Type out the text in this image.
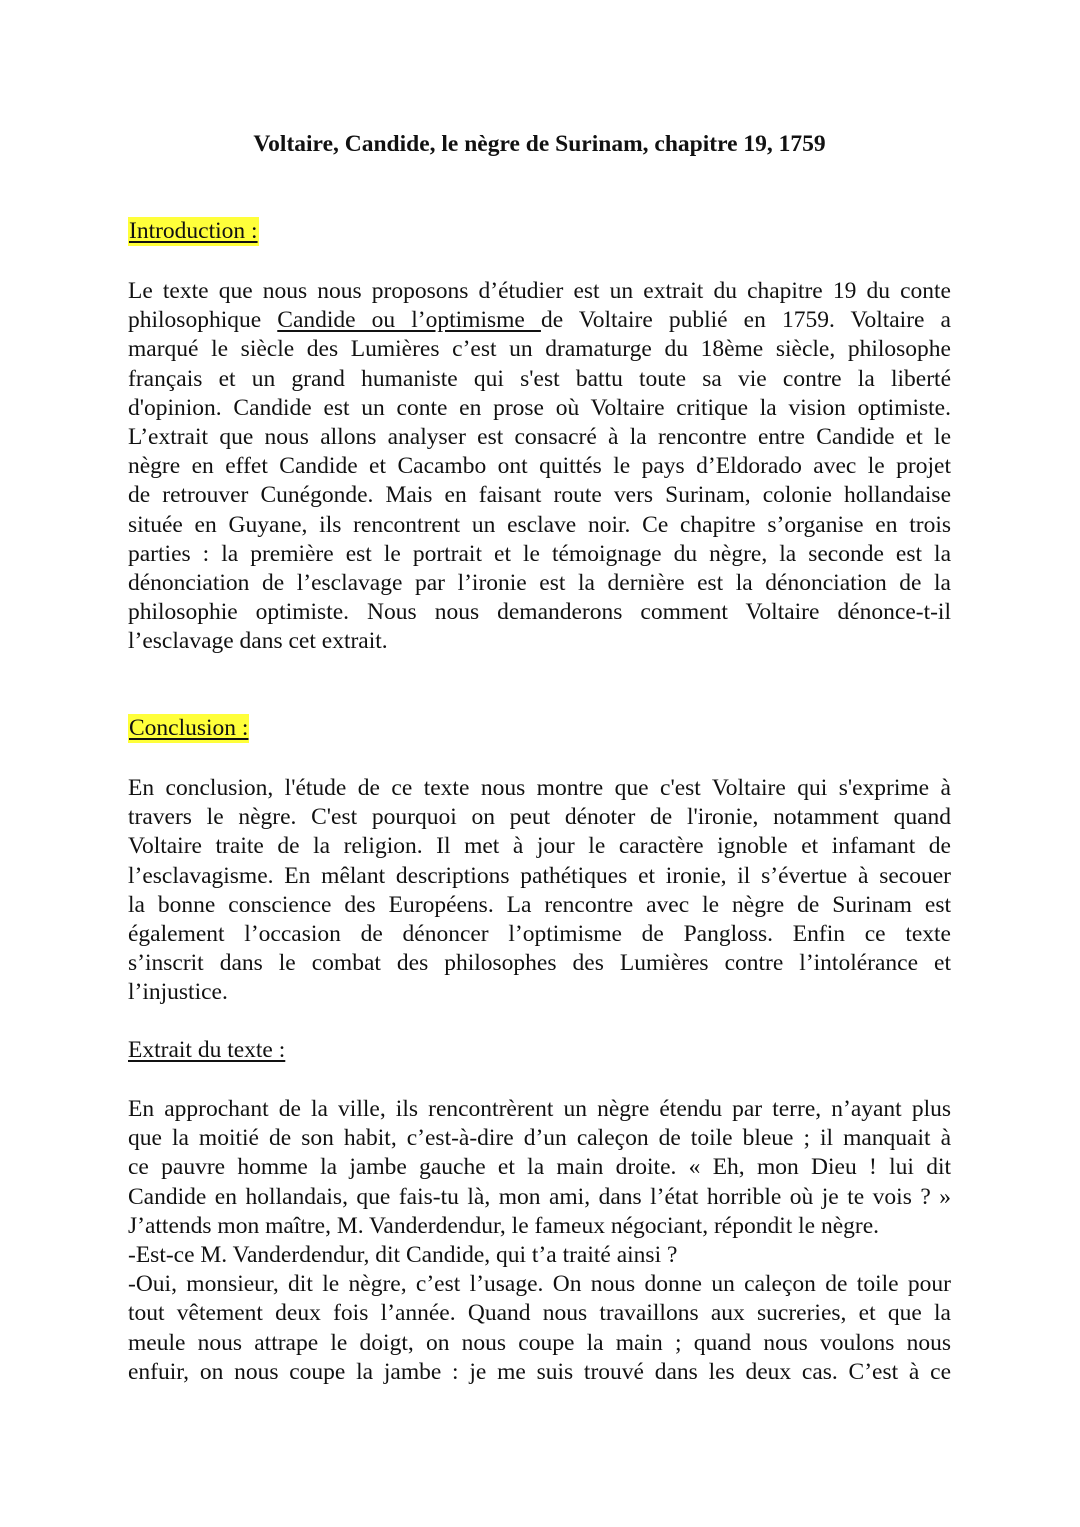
Voltaire, Candide, le nègre de Surinam, chapitre 19, 1759
Introduction :
Le texte que nous nous proposons d’étudier est un extrait du chapitre 19 du conte
philosophique Candide ou l’optimisme de Voltaire publié en 1759. Voltaire a
marqué le siècle des Lumières c’est un dramaturge du 18ème siècle, philosophe
français et un grand humaniste qui s'est battu toute sa vie contre la liberté
d'opinion. Candide est un conte en prose où Voltaire critique la vision optimiste.
L’extrait que nous allons analyser est consacré à la rencontre entre Candide et le
nègre en effet Candide et Cacambo ont quittés le pays d’Eldorado avec le projet
de retrouver Cunégonde. Mais en faisant route vers Surinam, colonie hollandaise
située en Guyane, ils rencontrent un esclave noir. Ce chapitre s’organise en trois
parties : la première est le portrait et le témoignage du nègre, la seconde est la
dénonciation de l’esclavage par l’ironie est la dernière est la dénonciation de la
philosophie optimiste. Nous nous demanderons comment Voltaire dénonce-t-il
l’esclavage dans cet extrait.
Conclusion :
En conclusion, l'étude de ce texte nous montre que c'est Voltaire qui s'exprime à
travers le nègre. C'est pourquoi on peut dénoter de l'ironie, notamment quand
Voltaire traite de la religion. Il met à jour le caractère ignoble et infamant de
l’esclavagisme. En mêlant descriptions pathétiques et ironie, il s’évertue à secouer
la bonne conscience des Européens. La rencontre avec le nègre de Surinam est
également l’occasion de dénoncer l’optimisme de Pangloss. Enfin ce texte
s’inscrit dans le combat des philosophes des Lumières contre l’intolérance et
l’injustice.
Extrait du texte :
En approchant de la ville, ils rencontrèrent un nègre étendu par terre, n’ayant plus
que la moitié de son habit, c’est-à-dire d’un caleçon de toile bleue ; il manquait à
ce pauvre homme la jambe gauche et la main droite. « Eh, mon Dieu ! lui dit
Candide en hollandais, que fais-tu là, mon ami, dans l’état horrible où je te vois ? »
J’attends mon maître, M. Vanderdendur, le fameux négociant, répondit le nègre.
-Est-ce M. Vanderdendur, dit Candide, qui t’a traité ainsi ?
-Oui, monsieur, dit le nègre, c’est l’usage. On nous donne un caleçon de toile pour
tout vêtement deux fois l’année. Quand nous travaillons aux sucreries, et que la
meule nous attrape le doigt, on nous coupe la main ; quand nous voulons nous
enfuir, on nous coupe la jambe : je me suis trouvé dans les deux cas. C’est à ce
